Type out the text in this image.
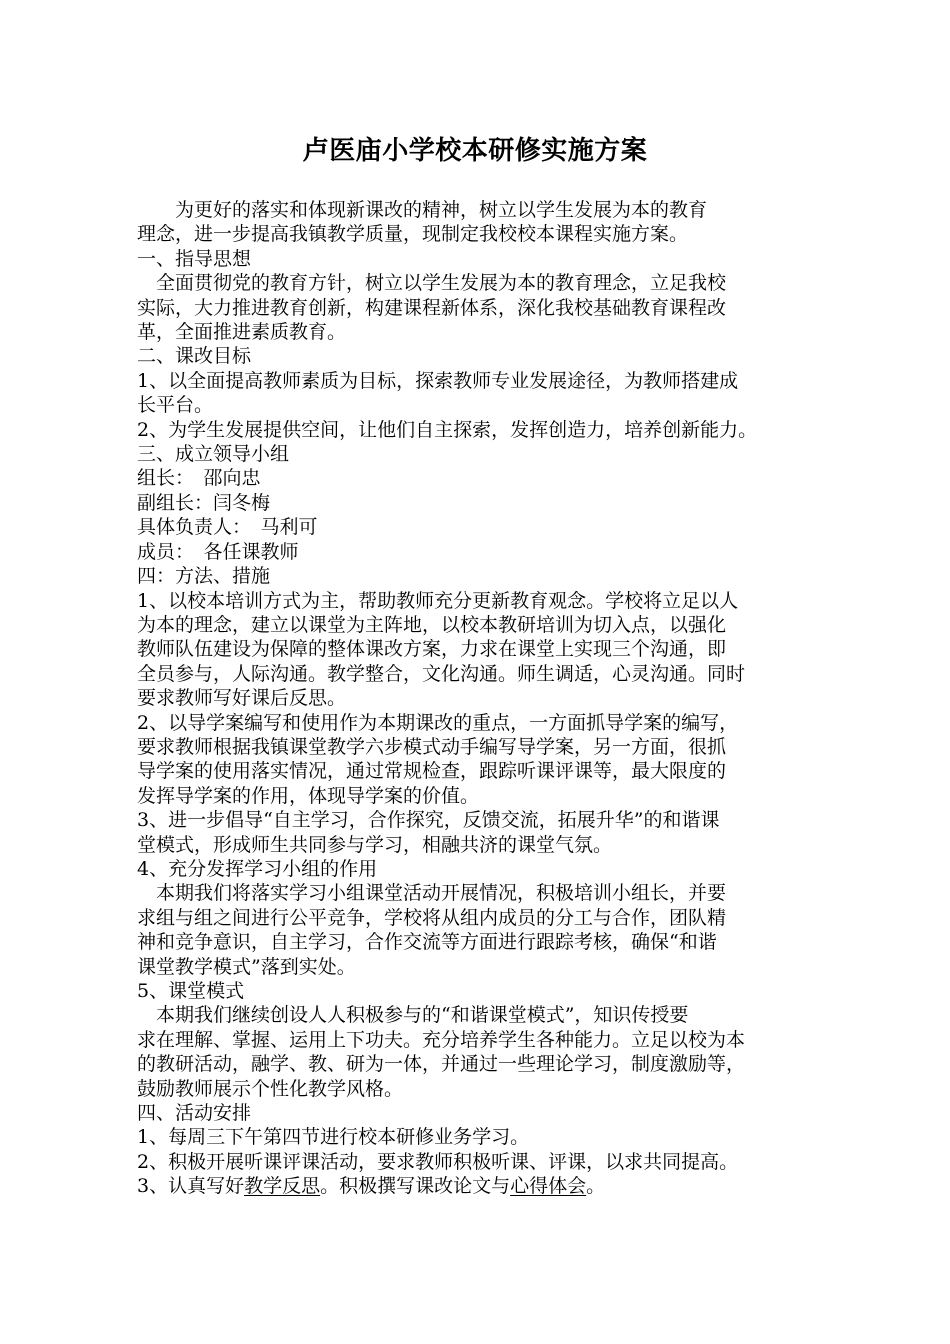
卢医庙小学校本研修实施方案

　　为更好的落实和体现新课改的精神，树立以学生发展为本的教育

理念，进一步提高我镇教学质量，现制定我校校本课程实施方案。

一、指导思想

　全面贯彻党的教育方针，树立以学生发展为本的教育理念，立足我校

实际，大力推进教育创新，构建课程新体系，深化我校基础教育课程改

革，全面推进素质教育。

二、课改目标

1、以全面提高教师素质为目标，探索教师专业发展途径，为教师搭建成

长平台。

2、为学生发展提供空间，让他们自主探索，发挥创造力，培养创新能力。

三、成立领导小组

组长：　邵向忠

副组长：闫冬梅

具体负责人：　马利可

成员：　各任课教师

四：方法、措施

1、以校本培训方式为主，帮助教师充分更新教育观念。学校将立足以人

为本的理念，建立以课堂为主阵地，以校本教研培训为切入点，以强化

教师队伍建设为保障的整体课改方案，力求在课堂上实现三个沟通，即

全员参与，人际沟通。教学整合，文化沟通。师生调适，心灵沟通。同时

要求教师写好课后反思。

2、以导学案编写和使用作为本期课改的重点，一方面抓导学案的编写，

要求教师根据我镇课堂教学六步模式动手编写导学案，另一方面，很抓

导学案的使用落实情况，通过常规检查，跟踪听课评课等，最大限度的

发挥导学案的作用，体现导学案的价值。

3、进一步倡导“自主学习，合作探究，反馈交流，拓展升华”的和谐课

堂模式，形成师生共同参与学习，相融共济的课堂气氛。

4、充分发挥学习小组的作用

　本期我们将落实学习小组课堂活动开展情况，积极培训小组长，并要

求组与组之间进行公平竞争，学校将从组内成员的分工与合作，团队精

神和竞争意识，自主学习，合作交流等方面进行跟踪考核，确保“和谐

课堂教学模式”落到实处。

5、课堂模式

　本期我们继续创设人人积极参与的“和谐课堂模式”，知识传授要

求在理解、掌握、运用上下功夫。充分培养学生各种能力。立足以校为本

的教研活动，融学、教、研为一体，并通过一些理论学习，制度激励等，

鼓励教师展示个性化教学风格。

四、活动安排

1、每周三下午第四节进行校本研修业务学习。

2、积极开展听课评课活动，要求教师积极听课、评课，以求共同提高。

3、认真写好教学反思。积极撰写课改论文与心得体会。
